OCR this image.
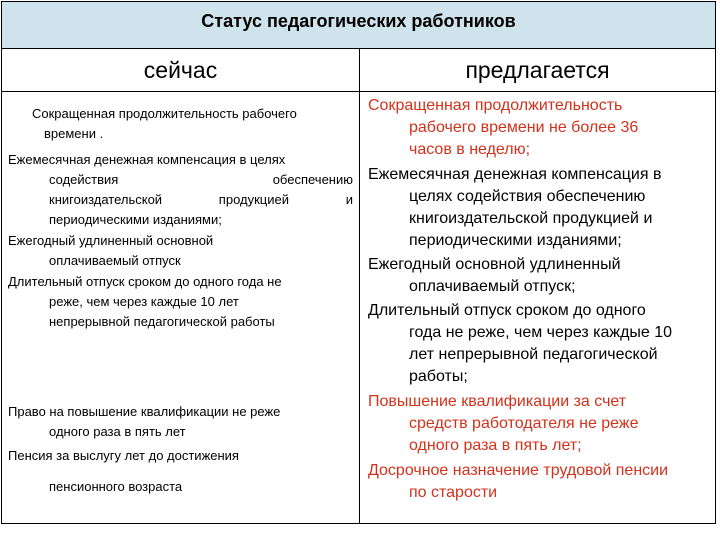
Статус педагогических работников
сейчас	предлагается
Сокращенная продолжительность рабочего
времени .
Ежемесячная денежная компенсация в целях
содействия обеспечению
книгоиздательской продукцией и
периодическими изданиями;
Ежегодный удлиненный основной
оплачиваемый отпуск
Длительный отпуск сроком до одного года не
реже, чем через каждые 10 лет
непрерывной педагогической работы
Право на повышение квалификации не реже
одного раза в пять лет
Пенсия за выслугу лет до достижения
пенсионного возраста
Сокращенная продолжительность
рабочего времени не более 36
часов в неделю;
Ежемесячная денежная компенсация в
целях содействия обеспечению
книгоиздательской продукцией и
периодическими изданиями;
Ежегодный основной удлиненный
оплачиваемый отпуск;
Длительный отпуск сроком до одного
года не реже, чем через каждые 10
лет непрерывной педагогической
работы;
Повышение квалификации за счет
средств работодателя не реже
одного раза в пять лет;
Досрочное назначение трудовой пенсии
по старости
